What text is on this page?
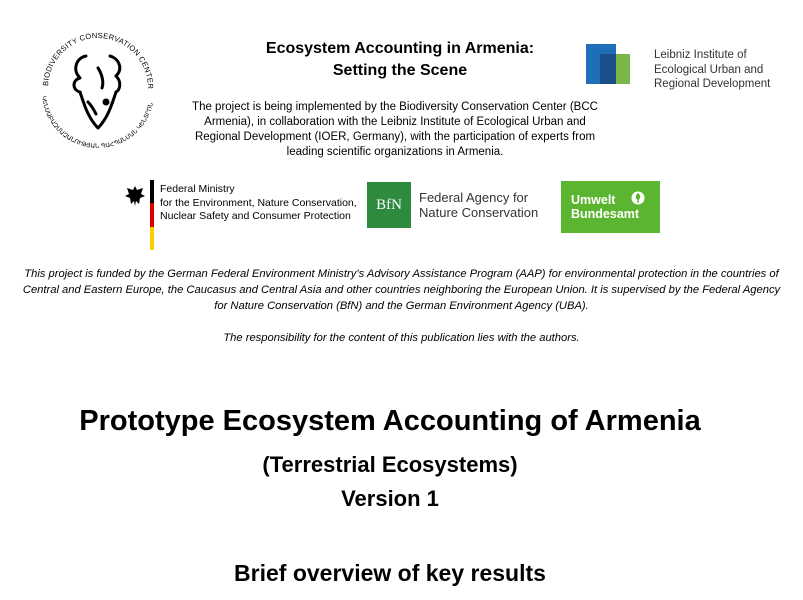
BIODIVERSITY CONSERVATION CENTER
ԿԵՆՍԱԲԱԶՄԱԶԱՆՈՒԹՅԱՆ ՊԱՀՊԱՆՄԱՆ ԿԵՆՏՐՈՆ
Ecosystem Accounting in Armenia:
Setting the Scene
The project is being implemented by the Biodiversity Conservation Center (BCC Armenia), in collaboration with the Leibniz Institute of Ecological Urban and Regional Development (IOER, Germany), with the participation of experts from leading scientific organizations in Armenia.
Leibniz Institute of
Ecological Urban and
Regional Development
Federal Ministry
for the Environment, Nature Conservation,
Nuclear Safety and Consumer Protection
BfN	Federal Agency for
Nature Conservation
Umwelt
Bundesamt
This project is funded by the German Federal Environment Ministry’s Advisory Assistance Program (AAP) for environmental protection in the countries of Central and Eastern Europe, the Caucasus and Central Asia and other countries neighboring the European Union. It is supervised by the Federal Agency for Nature Conservation (BfN) and the German Environment Agency (UBA).
The responsibility for the content of this publication lies with the authors.
Prototype Ecosystem Accounting of Armenia
(Terrestrial Ecosystems)
Version 1
Brief overview of key results
